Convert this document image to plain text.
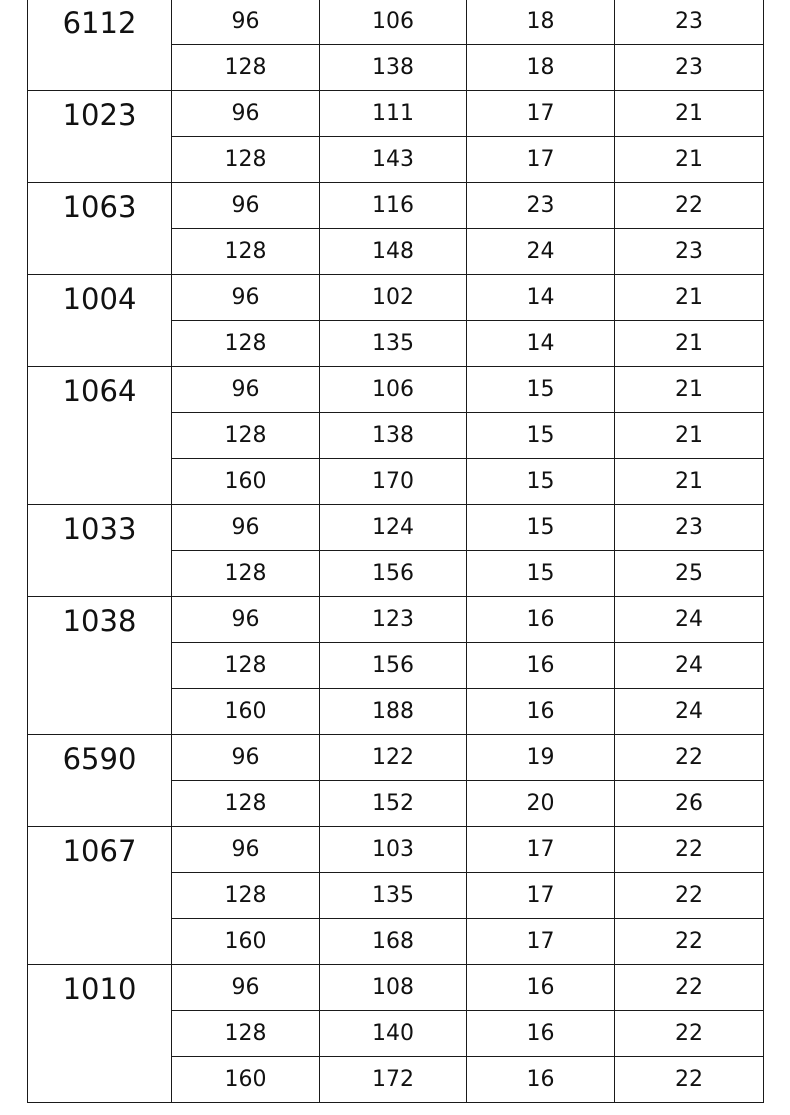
6112	96	106	18	23
	128	138	18	23
1023	96	111	17	21
	128	143	17	21
1063	96	116	23	22
	128	148	24	23
1004	96	102	14	21
	128	135	14	21
1064	96	106	15	21
	128	138	15	21
	160	170	15	21
1033	96	124	15	23
	128	156	15	25
1038	96	123	16	24
	128	156	16	24
	160	188	16	24
6590	96	122	19	22
	128	152	20	26
1067	96	103	17	22
	128	135	17	22
	160	168	17	22
1010	96	108	16	22
	128	140	16	22
	160	172	16	22
